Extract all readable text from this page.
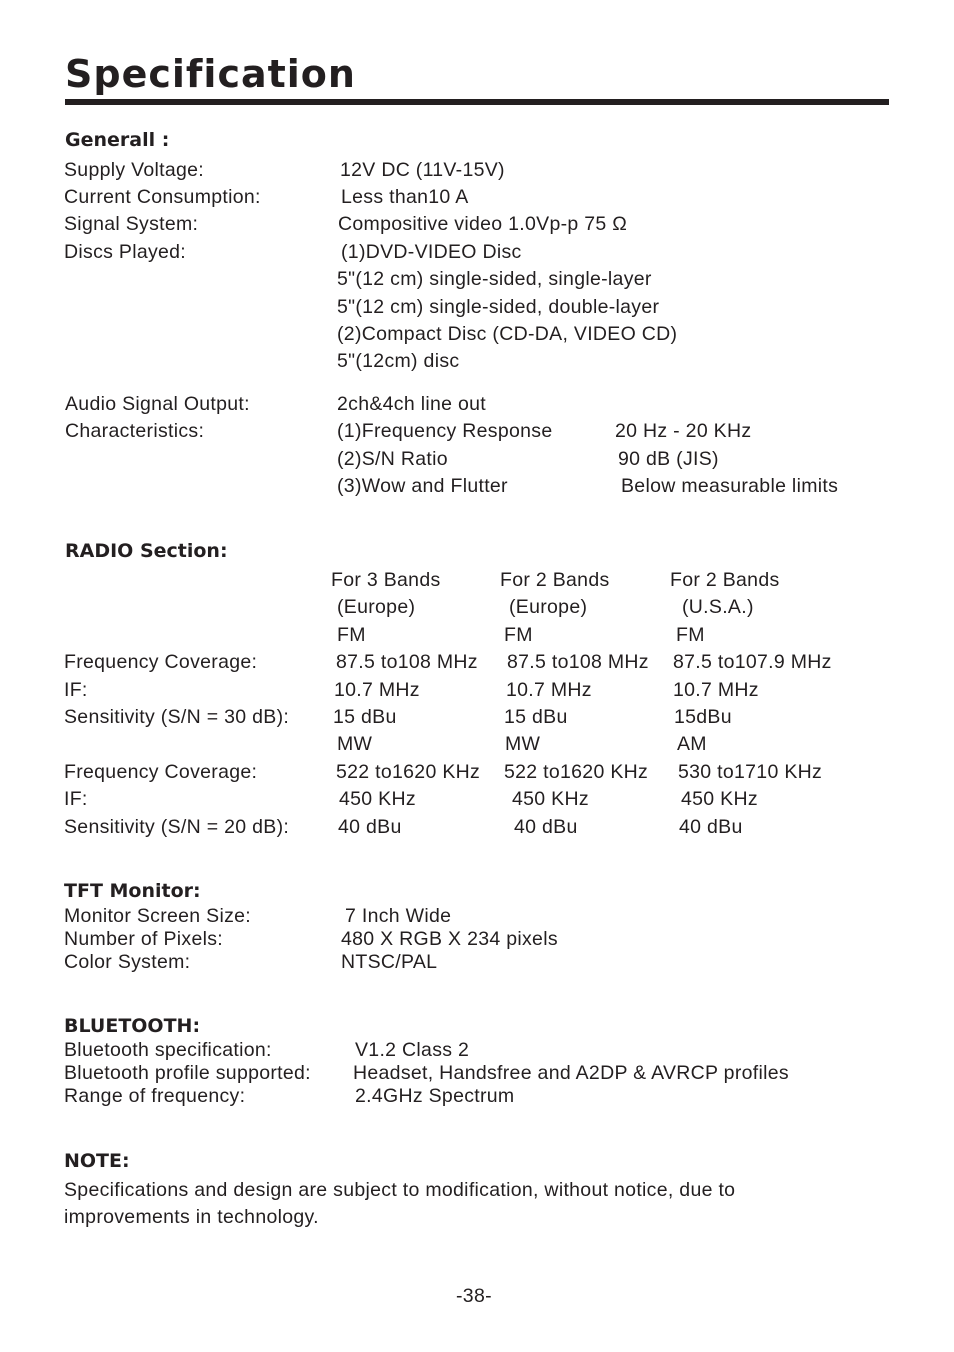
Specification
Generall :
Supply Voltage:	12V DC (11V-15V)
Current Consumption:	Less than10 A
Signal System:	Compositive video 1.0Vp-p 75 Ω
Discs Played:	(1)DVD-VIDEO Disc
5"(12 cm) single-sided, single-layer
5"(12 cm) single-sided, double-layer
(2)Compact Disc (CD-DA, VIDEO CD)
5"(12cm) disc
Audio Signal Output:	2ch&4ch line out
Characteristics:	(1)Frequency Response	20 Hz - 20 KHz
(2)S/N Ratio	90 dB (JIS)
(3)Wow and Flutter	Below measurable limits
RADIO Section:
For 3 Bands	For 2 Bands	For 2 Bands
(Europe)	(Europe)	(U.S.A.)
FM	FM	FM
Frequency Coverage:	87.5 to108 MHz 87.5 to108 MHz 87.5 to107.9 MHz
IF:	10.7 MHz	10.7 MHz	10.7 MHz
Sensitivity (S/N = 30 dB): 15 dBu	15 dBu	15dBu
MW	MW	AM
Frequency Coverage:	522 to1620 KHz 522 to1620 KHz 530 to1710 KHz
IF:	450 KHz	450 KHz	450 KHz
Sensitivity (S/N = 20 dB):	40 dBu	40 dBu	40 dBu
TFT Monitor:
Monitor Screen Size:	7 Inch Wide
Number of Pixels:	480 X RGB X 234 pixels
Color System:	NTSC/PAL
BLUETOOTH:
Bluetooth specification:	V1.2 Class 2
Bluetooth profile supported: Headset, Handsfree and A2DP & AVRCP profiles
Range of frequency:	2.4GHz Spectrum
NOTE:
Specifications and design are subject to modification, without notice, due to
improvements in technology.
-38-
